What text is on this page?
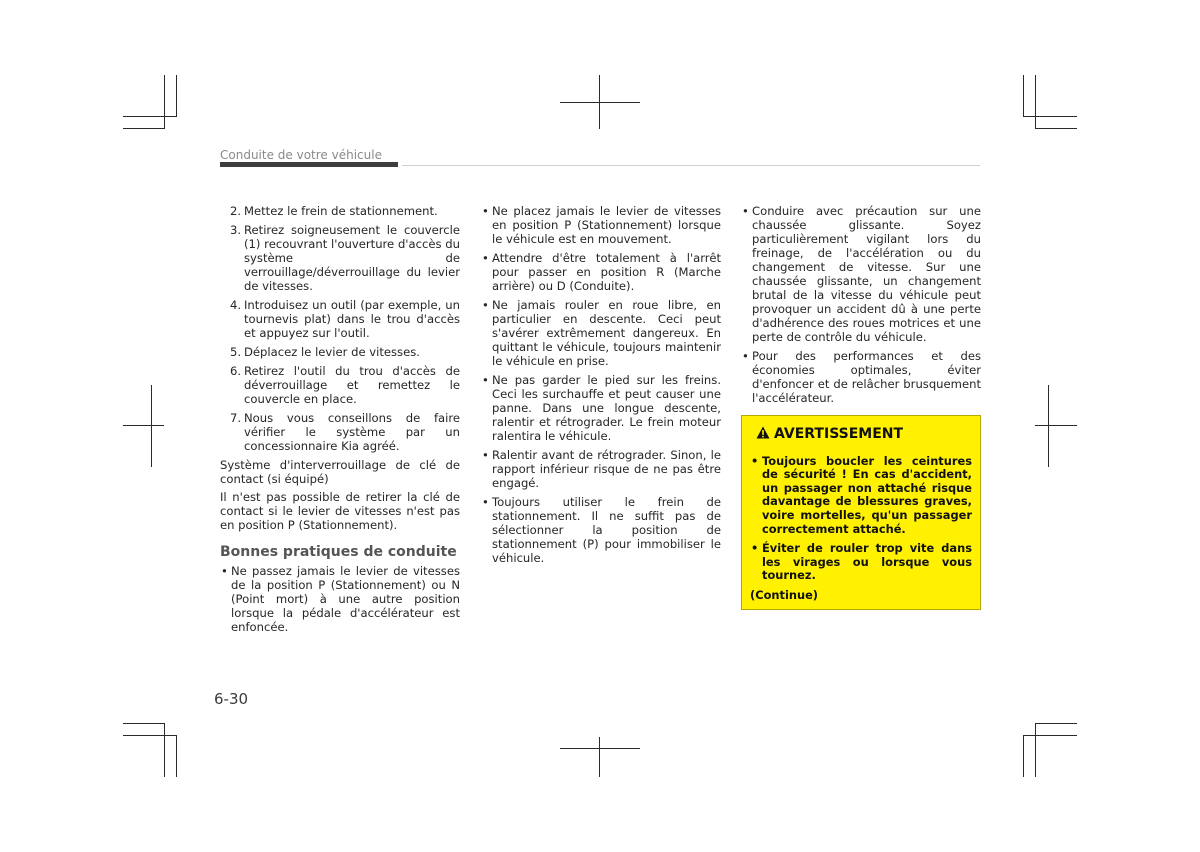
Conduite de votre véhicule
2. Mettez le frein de stationnement.
3. Retirez soigneusement le couvercle (1) recouvrant l'ouverture d'accès du système de verrouillage/déverrouillage du levier de vitesses.
4. Introduisez un outil (par exemple, un tournevis plat) dans le trou d'accès et appuyez sur l'outil.
5. Déplacez le levier de vitesses.
6. Retirez l'outil du trou d'accès de déverrouillage et remettez le couvercle en place.
7. Nous vous conseillons de faire vérifier le système par un concessionnaire Kia agréé.

Système d'interverrouillage de clé de contact (si équipé)

Il n'est pas possible de retirer la clé de contact si le levier de vitesses n'est pas en position P (Stationnement).

Bonnes pratiques de conduite
• Ne passez jamais le levier de vitesses de la position P (Stationnement) ou N (Point mort) à une autre position lorsque la pédale d'accélérateur est enfoncée.
• Ne placez jamais le levier de vitesses en position P (Stationnement) lorsque le véhicule est en mouvement.
• Attendre d'être totalement à l'arrêt pour passer en position R (Marche arrière) ou D (Conduite).
• Ne jamais rouler en roue libre, en particulier en descente. Ceci peut s'avérer extrêmement dangereux. En quittant le véhicule, toujours maintenir le véhicule en prise.
• Ne pas garder le pied sur les freins. Ceci les surchauffe et peut causer une panne. Dans une longue descente, ralentir et rétrograder. Le frein moteur ralentira le véhicule.
• Ralentir avant de rétrograder. Sinon, le rapport inférieur risque de ne pas être engagé.
• Toujours utiliser le frein de stationnement. Il ne suffit pas de sélectionner la position de stationnement (P) pour immobiliser le véhicule.
• Conduire avec précaution sur une chaussée glissante. Soyez particulièrement vigilant lors du freinage, de l'accélération ou du changement de vitesse. Sur une chaussée glissante, un changement brutal de la vitesse du véhicule peut provoquer un accident dû à une perte d'adhérence des roues motrices et une perte de contrôle du véhicule.
• Pour des performances et des économies optimales, éviter d'enfoncer et de relâcher brusquement l'accélérateur.
AVERTISSEMENT
• Toujours boucler les ceintures de sécurité ! En cas d'accident, un passager non attaché risque davantage de blessures graves, voire mortelles, qu'un passager correctement attaché.
• Éviter de rouler trop vite dans les virages ou lorsque vous tournez.
(Continue)
6-30
